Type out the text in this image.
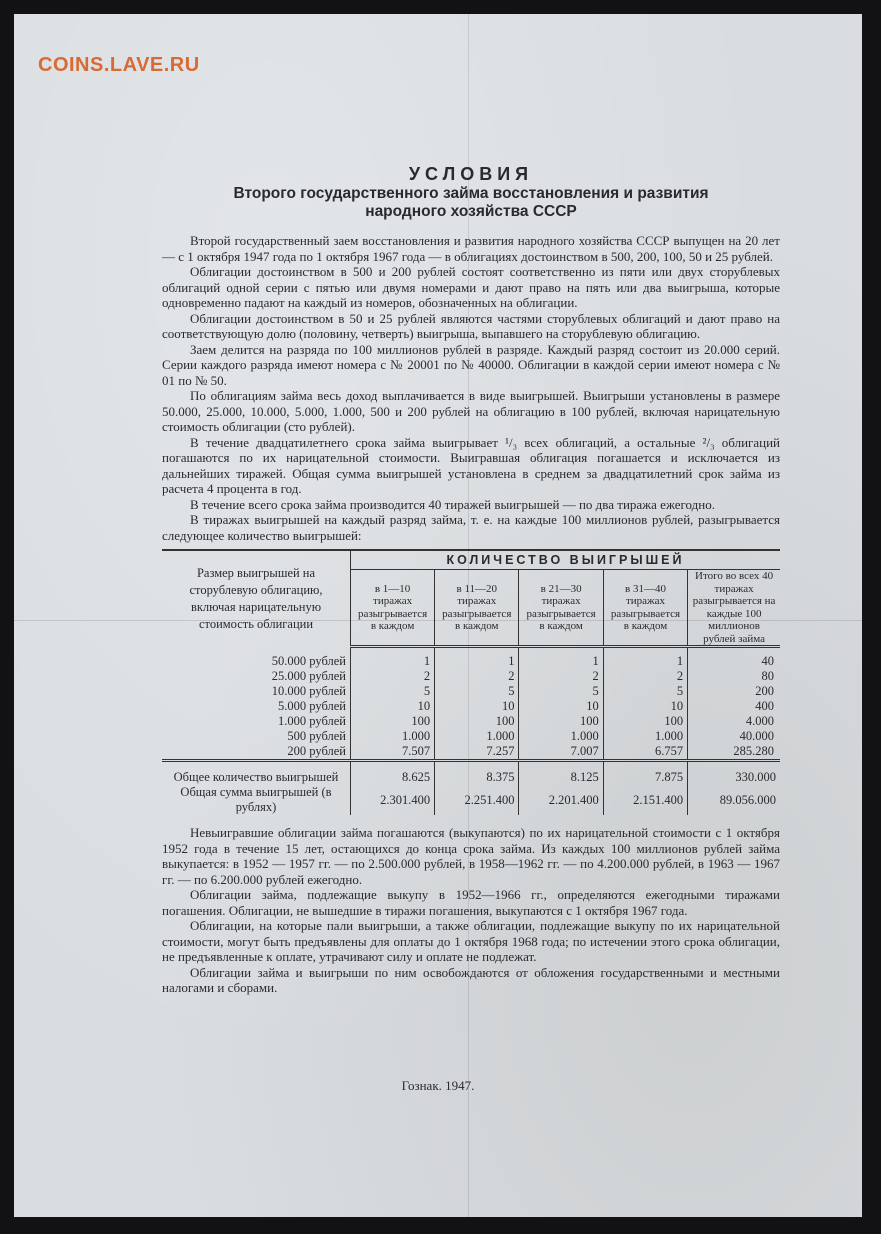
COINS.LAVE.RU

УСЛОВИЯ

Второго государственного займа восстановления и развития
народного хозяйства СССР

Второй государственный заем восстановления и развития народного хозяйства СССР выпущен на 20 лет — с 1 октября 1947 года по 1 октября 1967 года — в облигациях достоинством в 500, 200, 100, 50 и 25 рублей.

Облигации достоинством в 500 и 200 рублей состоят соответственно из пяти или двух сторублевых облигаций одной серии с пятью или двумя номерами и дают право на пять или два выигрыша, которые одновременно падают на каждый из номеров, обозначенных на облигации.

Облигации достоинством в 50 и 25 рублей являются частями сторублевых облигаций и дают право на соответствующую долю (половину, четверть) выигрыша, выпавшего на сторублевую облигацию.

Заем делится на разряда по 100 миллионов рублей в разряде. Каждый разряд состоит из 20.000 серий. Серии каждого разряда имеют номера с № 20001 по № 40000. Облигации в каждой серии имеют номера с № 01 по № 50.

По облигациям займа весь доход выплачивается в виде выигрышей. Выигрыши установлены в размере 50.000, 25.000, 10.000, 5.000, 1.000, 500 и 200 рублей на облигацию в 100 рублей, включая нарицательную стоимость облигации (сто рублей).

В течение двадцатилетнего срока займа выигрывает ¹/₃ всех облигаций, а остальные ²/₃ облигаций погашаются по их нарицательной стоимости. Выигравшая облигация погашается и исключается из дальнейших тиражей. Общая сумма выигрышей установлена в среднем за двадцатилетний срок займа из расчета 4 процента в год.

В течение всего срока займа производится 40 тиражей выигрышей — по два тиража ежегодно.

В тиражах выигрышей на каждый разряд займа, т. е. на каждые 100 миллионов рублей, разыгрывается следующее количество выигрышей:

Размер выигрышей на сторублевую облигацию, включая нарицательную стоимость облигации	КОЛИЧЕСТВО ВЫИГРЫШЕЙ				
	в 1—10 тиражах разыгрывается в каждом	в 11—20 тиражах разыгрывается в каждом	в 21—30 тиражах разыгрывается в каждом	в 31—40 тиражах разыгрывается в каждом	Итого во всех 40 тиражах разыгрывается на каждые 100 миллионов рублей займа

50.000 рублей	1	1	1	1	40
25.000 рублей	2	2	2	2	80
10.000 рублей	5	5	5	5	200
5.000 рублей	10	10	10	10	400
1.000 рублей	100	100	100	100	4.000
500 рублей	1.000	1.000	1.000	1.000	40.000
200 рублей	7.507	7.257	7.007	6.757	285.280
Общее количество выигрышей	8.625	8.375	8.125	7.875	330.000
Общая сумма выигрышей (в рублях)	2.301.400	2.251.400	2.201.400	2.151.400	89.056.000

Невыигравшие облигации займа погашаются (выкупаются) по их нарицательной стоимости с 1 октября 1952 года в течение 15 лет, остающихся до конца срока займа. Из каждых 100 миллионов рублей займа выкупается: в 1952 — 1957 гг. — по 2.500.000 рублей, в 1958—1962 гг. — по 4.200.000 рублей, в 1963 — 1967 гг. — по 6.200.000 рублей ежегодно.

Облигации займа, подлежащие выкупу в 1952—1966 гг., определяются ежегодными тиражами погашения. Облигации, не вышедшие в тиражи погашения, выкупаются с 1 октября 1967 года.

Облигации, на которые пали выигрыши, а также облигации, подлежащие выкупу по их нарицательной стоимости, могут быть предъявлены для оплаты до 1 октября 1968 года; по истечении этого срока облигации, не предъявленные к оплате, утрачивают силу и оплате не подлежат.

Облигации займа и выигрыши по ним освобождаются от обложения государственными и местными налогами и сборами.

Гознак. 1947.
